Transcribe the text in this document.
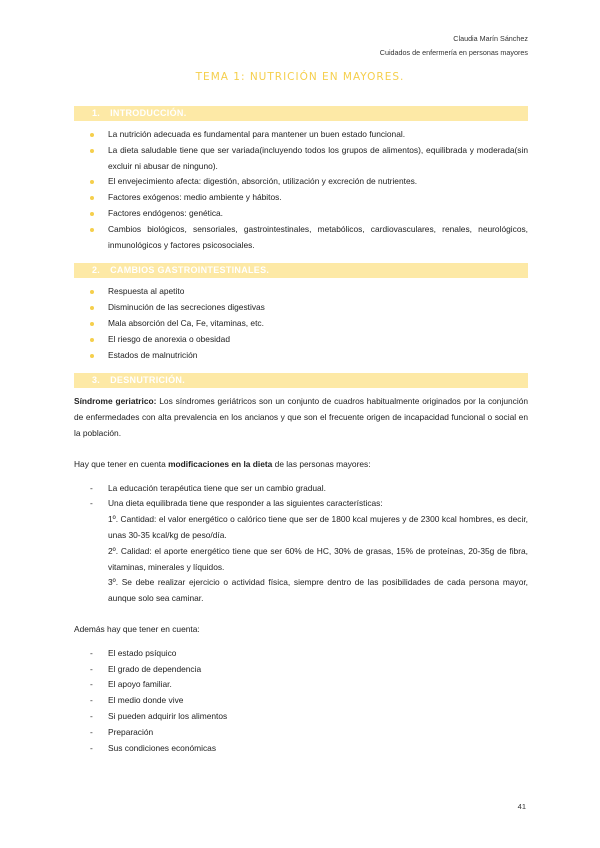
Claudia Marín Sánchez
Cuidados de enfermería en personas mayores
TEMA 1: NUTRICIÓN EN MAYORES.
1. INTRODUCCIÓN.
La nutrición adecuada es fundamental para mantener un buen estado funcional.
La dieta saludable tiene que ser variada(incluyendo todos los grupos de alimentos), equilibrada y moderada(sin excluir ni abusar de ninguno).
El envejecimiento afecta: digestión, absorción, utilización y excreción de nutrientes.
Factores exógenos: medio ambiente y hábitos.
Factores endógenos: genética.
Cambios biológicos, sensoriales, gastrointestinales, metabólicos, cardiovasculares, renales, neurológicos, inmunológicos y factores psicosociales.
2. CAMBIOS GASTROINTESTINALES.
Respuesta al apetito
Disminución de las secreciones digestivas
Mala absorción del Ca, Fe, vitaminas, etc.
El riesgo de anorexia o obesidad
Estados de malnutrición
3. DESNUTRICIÓN.

Síndrome geriatrico: Los síndromes geriátricos son un conjunto de cuadros habitualmente originados por la conjunción de enfermedades con alta prevalencia en los ancianos y que son el frecuente origen de incapacidad funcional o social en la población.

Hay que tener en cuenta modificaciones en la dieta de las personas mayores:

- La educación terapéutica tiene que ser un cambio gradual.
- Una dieta equilibrada tiene que responder a las siguientes características:
1º. Cantidad: el valor energético o calórico tiene que ser de 1800 kcal mujeres y de 2300 kcal hombres, es decir, unas 30-35 kcal/kg de peso/día.
2º. Calidad: el aporte energético tiene que ser 60% de HC, 30% de grasas, 15% de proteínas, 20-35g de fibra, vitaminas, minerales y líquidos.
3º. Se debe realizar ejercicio o actividad física, siempre dentro de las posibilidades de cada persona mayor, aunque solo sea caminar.

Además hay que tener en cuenta:

- El estado psíquico
- El grado de dependencia
- El apoyo familiar.
- El medio donde vive
- Si pueden adquirir los alimentos
- Preparación
- Sus condiciones económicas
41
